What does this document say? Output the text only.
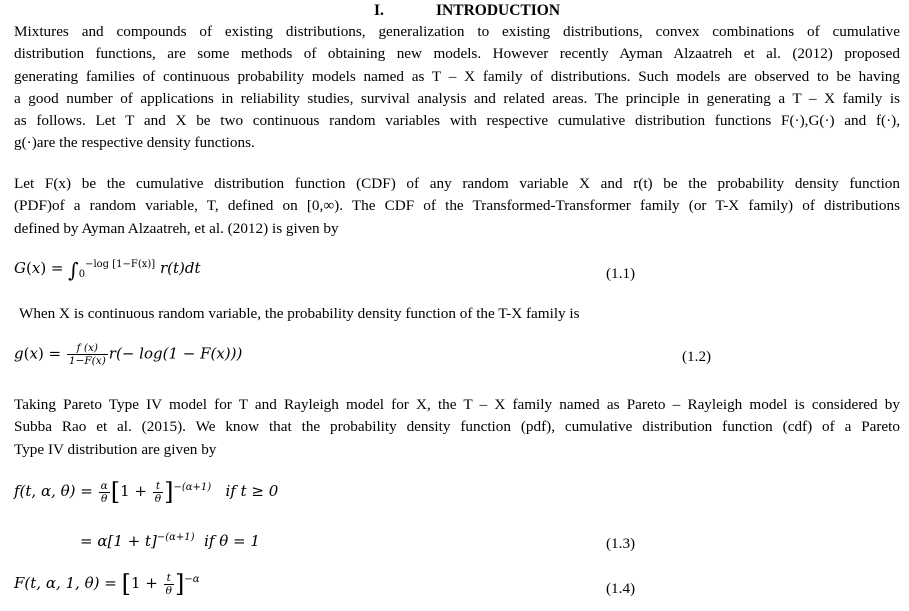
I.	INTRODUCTION
Mixtures and compounds of existing distributions, generalization to existing distributions, convex combinations of cumulative
distribution functions, are some methods of obtaining new models. However recently Ayman Alzaatreh et al. (2012) proposed
generating families of continuous probability models named as T – X family of distributions. Such models are observed to be having
a good number of applications in reliability studies, survival analysis and related areas. The principle in generating a T – X family is
as follows. Let T and X be two continuous random variables with respective cumulative distribution functions F(·),G(·) and f(·),
g(·)are the respective density functions.
Let F(x) be the cumulative distribution function (CDF) of any random variable X and r(t) be the probability density function
(PDF)of a random variable, T, defined on [0,∞). The CDF of the Transformed-Transformer family (or T-X family) of distributions
defined by Ayman Alzaatreh, et al. (2012) is given by
$G(x) = \int_0^{-log [1-F(x)]}$ r(t)dt	(1.1)
When X is continuous random variable, the probability density function of the T-X family is
$g(x) = \frac{f (x)}{1-F(x)} r(- \log(1 - F(x)))$	(1.2)
Taking Pareto Type IV model for T and Rayleigh model for X, the T – X family named as Pareto – Rayleigh model is considered by
Subba Rao et al. (2015). We know that the probability density function (pdf), cumulative distribution function (cdf) of a Pareto
Type IV distribution are given by
f(t, α, $\theta) = \frac{\alpha}{\theta} [1 + \frac{t}{\theta} ]^{-(\alpha+1)}$ if t ≥ 0
= $\alpha[1 + t]^{-(\alpha+1)}$ if θ = 1	(1.3)
F(t, α, 1, $\theta) = [1 + \frac{t}{\theta} ]^{-\alpha}$
(1.4)
